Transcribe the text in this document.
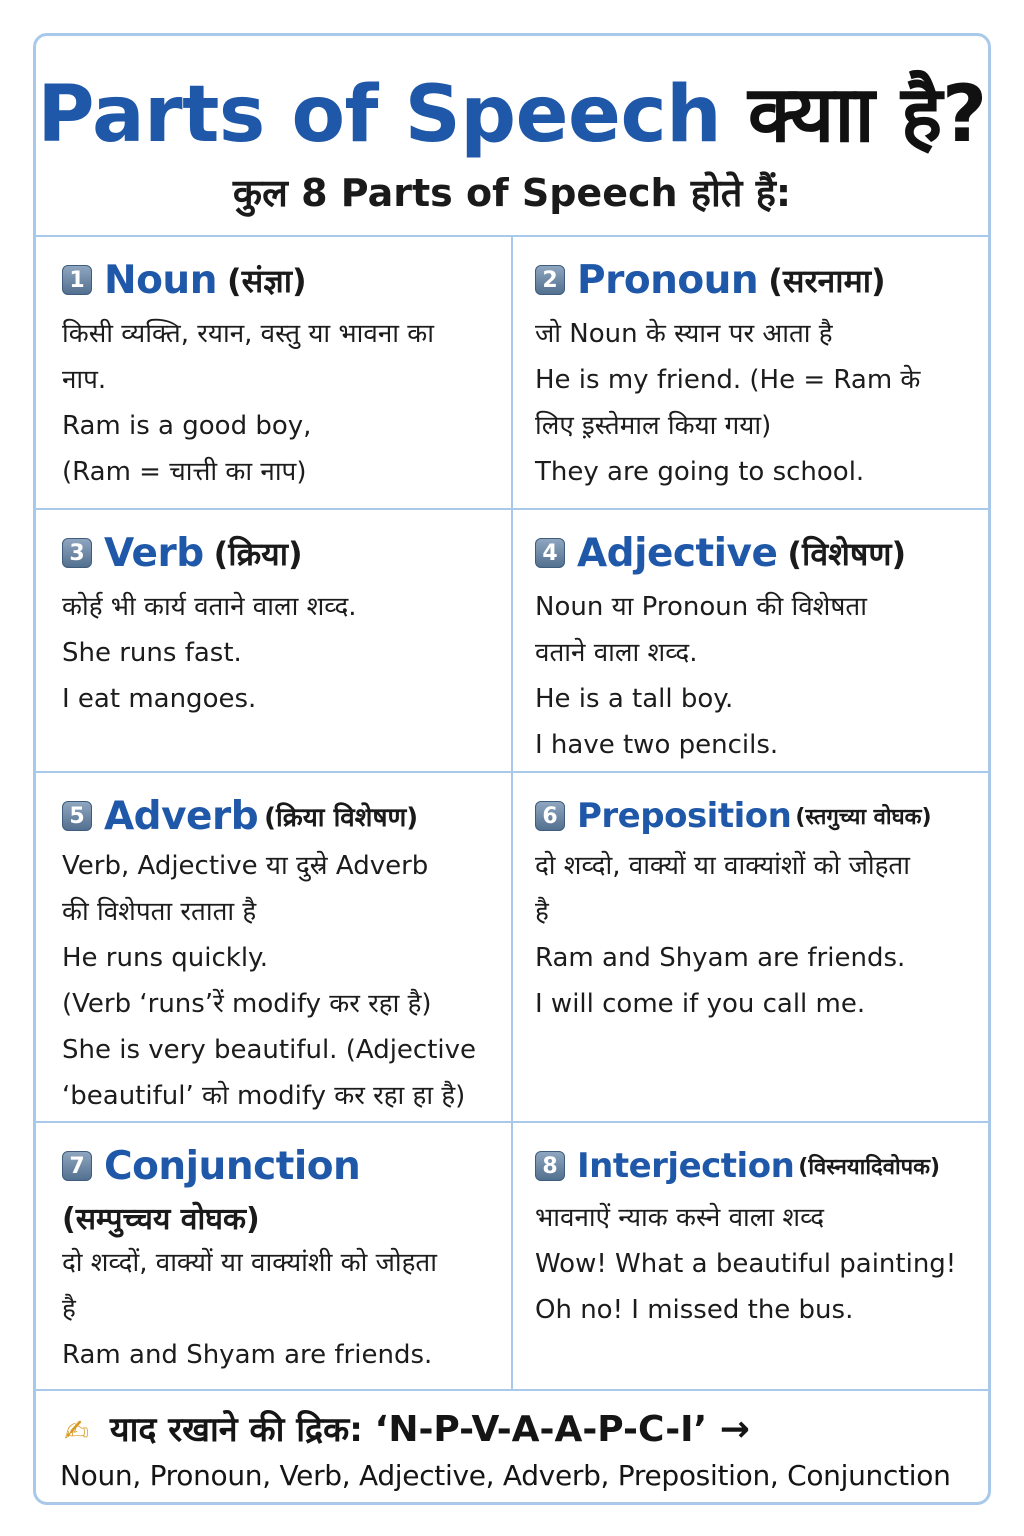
Parts of Speech क्याा है?
कुल 8 Parts of Speech होते हैं:
1 Noun (संज्ञा)
किसी व्यक्ति, रयान, वस्तु या भावना का
नाप.
Ram is a good boy,
(Ram = चात्ती का नाप)
2 Pronoun (सरनामा)
जो Noun के स्यान पर आता है
He is my friend. (He = Ram के
लिए इ़स्तेमाल किया गया)
They are going to school.
3 Verb (क्रिया)
कोर्ह भी कार्य वताने वाला शव्द.
She runs fast.
I eat mangoes.
4 Adjective (विशेषण)
Noun या Pronoun की विशेषता
वताने वाला शव्द.
He is a tall boy.
I have two pencils.
5 Adverb (क्रिया विशेषण)
Verb, Adjective या दुस्रे Adverb
की विशेपता रताता है
He runs quickly.
(Verb ‘runs’रें modify कर रहा है)
She is very beautiful. (Adjective
‘beautiful’ को modify कर रहा हा है)
6 Preposition (स्तगुच्या वोघक)
दो शव्दो, वाक्यों या वाक्यांशों को जोहता
है
Ram and Shyam are friends.
I will come if you call me.
7 Conjunction
(सम्पुच्चय वोघक)
दो शव्दों, वाक्यों या वाक्यांशी को जोहता
है
Ram and Shyam are friends.
8 Interjection (विस्नयादिवोपक)
भावनाऐं न्याक कस्ने वाला शव्द
Wow! What a beautiful painting!
Oh no! I missed the bus.
✍ याद रखाने की द्रिक: ‘N-P-V-A-A-P-C-I’ →
Noun, Pronoun, Verb, Adjective, Adverb, Preposition, Conjunction
